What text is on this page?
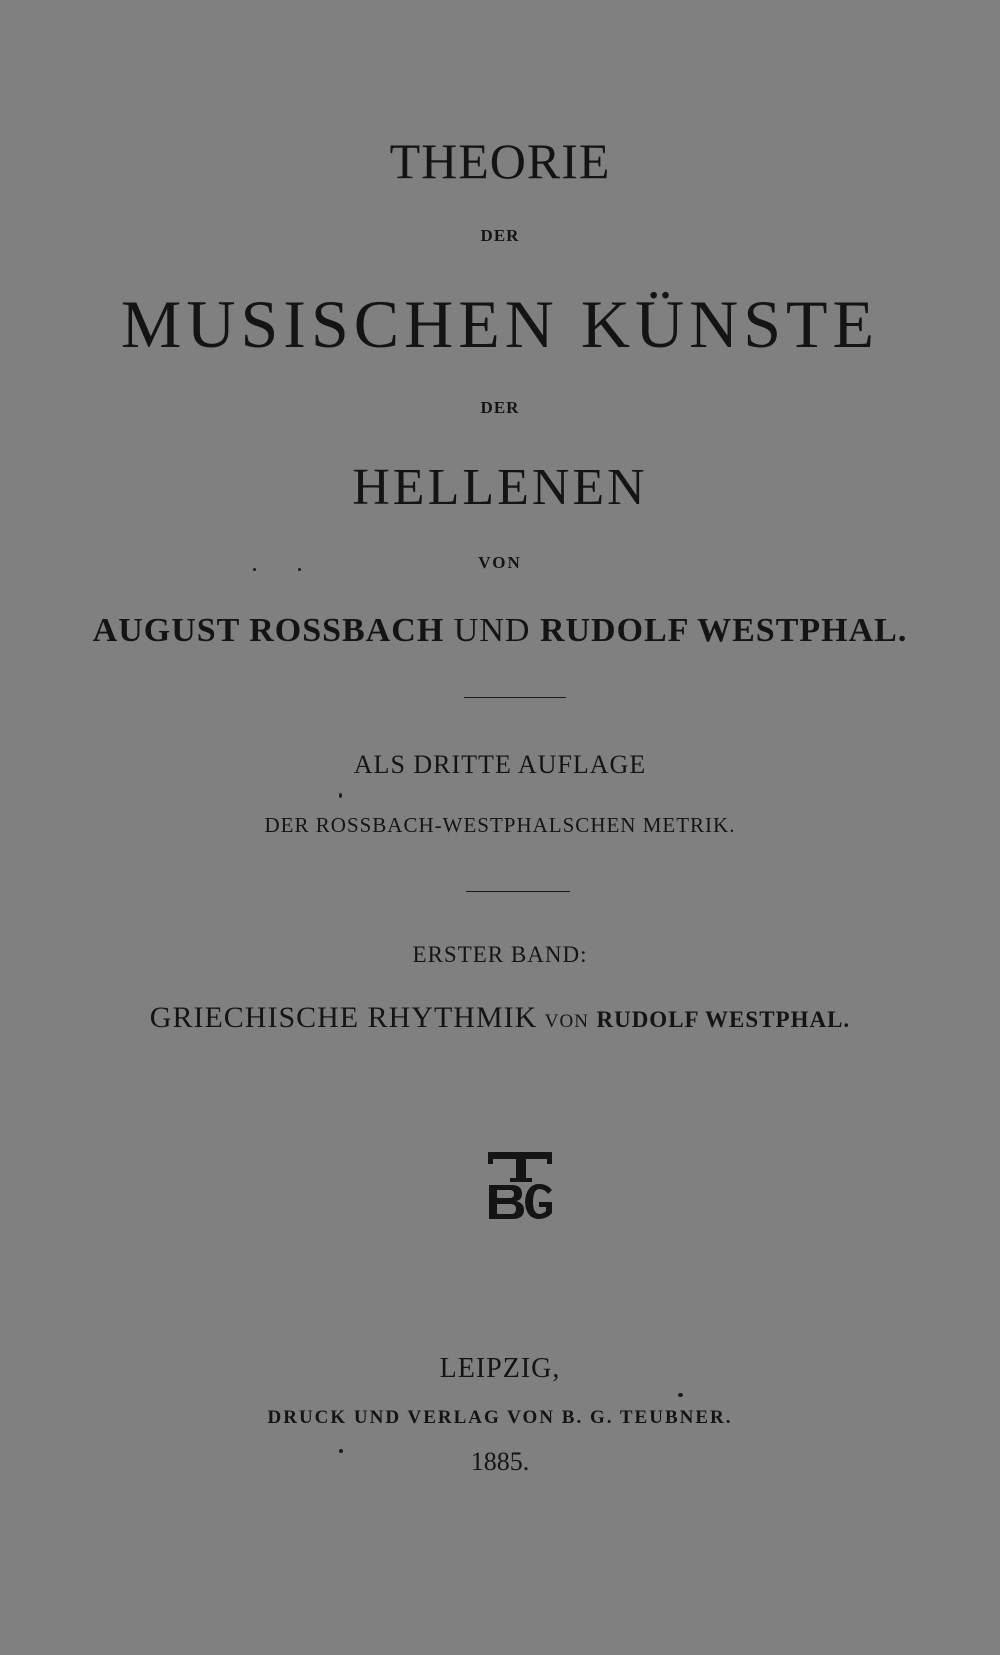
THEORIE
DER
MUSISCHEN KÜNSTE
DER
HELLENEN
VON
AUGUST ROSSBACH UND RUDOLF WESTPHAL.
ALS DRITTE AUFLAGE
DER ROSSBACH-WESTPHALSCHEN METRIK.
ERSTER BAND:
GRIECHISCHE RHYTHMIK VON RUDOLF WESTPHAL.
LEIPZIG,
DRUCK UND VERLAG VON B. G. TEUBNER.
1885.
